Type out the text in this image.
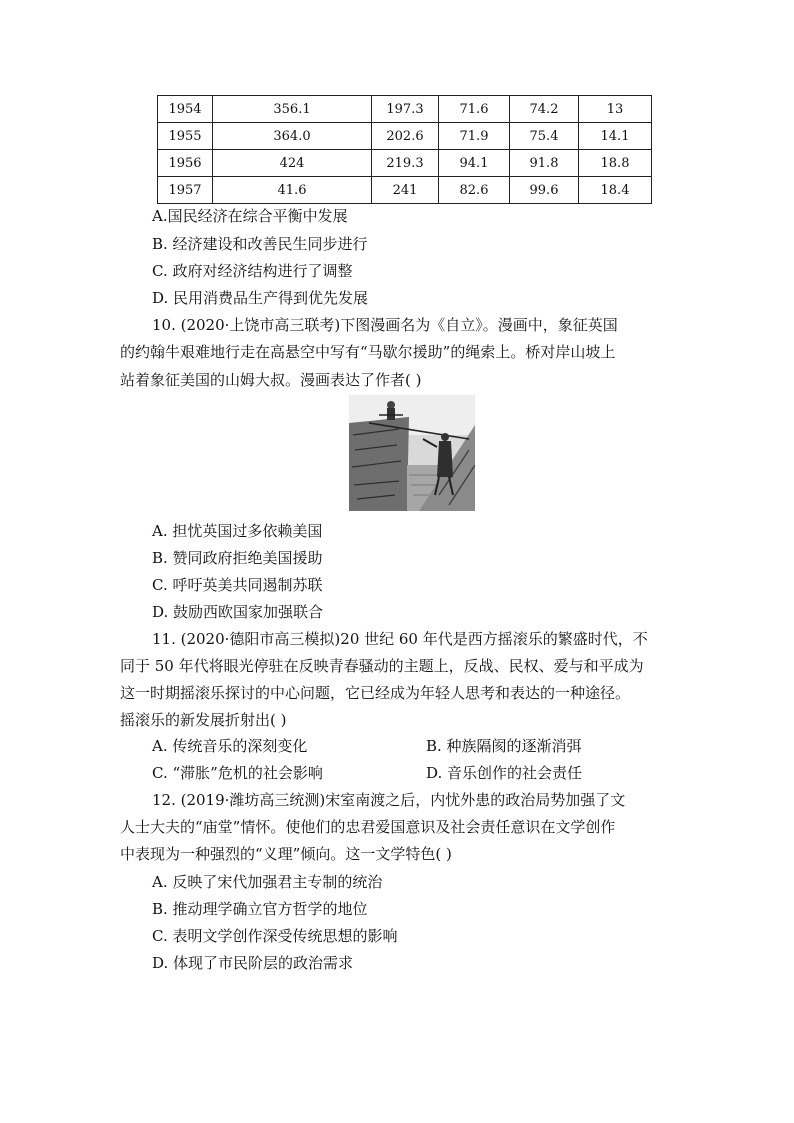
1954	356.1	197.3	71.6	74.2	13
1955	364.0	202.6	71.9	75.4	14.1
1956	424	219.3	94.1	91.8	18.8
1957	41.6	241	82.6	99.6	18.4
A.国民经济在综合平衡中发展
B. 经济建设和改善民生同步进行
C. 政府对经济结构进行了调整
D. 民用消费品生产得到优先发展
10. (2020·上饶市高三联考)下图漫画名为《自立》。漫画中，象征英国
的约翰牛艰难地行走在高悬空中写有“马歇尔援助”的绳索上。桥对岸山坡上
站着象征美国的山姆大叔。漫画表达了作者( )
A. 担忧英国过多依赖美国
B. 赞同政府拒绝美国援助
C. 呼吁英美共同遏制苏联
D. 鼓励西欧国家加强联合
11. (2020·德阳市高三模拟)20 世纪 60 年代是西方摇滚乐的繁盛时代，不
同于 50 年代将眼光停驻在反映青春骚动的主题上，反战、民权、爱与和平成为
这一时期摇滚乐探讨的中心问题，它已经成为年轻人思考和表达的一种途径。
摇滚乐的新发展折射出( )
A. 传统音乐的深刻变化	B. 种族隔阂的逐渐消弭
C. “滞胀”危机的社会影响	D. 音乐创作的社会责任
12. (2019·潍坊高三统测)宋室南渡之后，内忧外患的政治局势加强了文
人士大夫的“庙堂”情怀。使他们的忠君爱国意识及社会责任意识在文学创作
中表现为一种强烈的“义理”倾向。这一文学特色( )
A. 反映了宋代加强君主专制的统治
B. 推动理学确立官方哲学的地位
C. 表明文学创作深受传统思想的影响
D. 体现了市民阶层的政治需求
